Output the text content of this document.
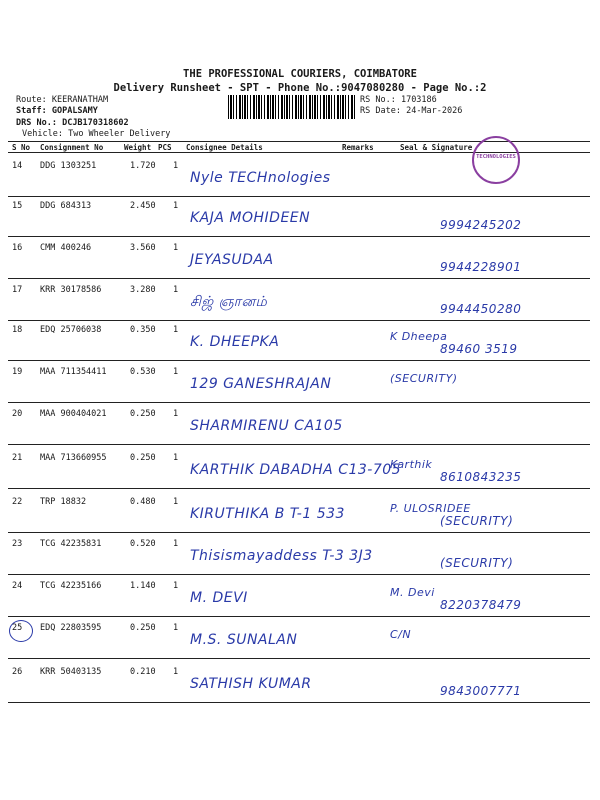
THE PROFESSIONAL COURIERS, COIMBATORE
Delivery Runsheet - SPT - Phone No.:9047080280 - Page No.:2
Route: KEERANATHAM
Staff: GOPALSAMY
DRS No.: DCJB170318602
Vehicle: Two Wheeler Delivery
RS No.: 1703186
RS Date: 24-Mar-2026
S No Consignment No	Weight PCS Consignee Details	Remarks	Seal & Signature
TECHNOLOGIES
14 DDG 1303251	1.720 1
Nyle TECHnologies
15 DDG 684313	2.450 1
KAJA MOHIDEEN	9994245202
16 CMM 400246	3.560 1
JEYASUDAA	9944228901
17 KRR 30178586	3.280 1
சிஜ் ஞானம்	9944450280
18 EDQ 25706038	0.350 1
K. DHEEPKA	K Dheepa
89460 3519
19 MAA 711354411	0.530 1
129 GANESHRAJAN	(SECURITY)
20 MAA 900404021	0.250 1
SHARMIRENU CA105
21 MAA 713660955	0.250 1
KARTHIK DABADHA C13-705
Karthik
8610843235
22 TRP 18832	0.480 1
KIRUTHIKA B T-1 533	P. ULOSRIDEE
(SECURITY)
23 TCG 42235831	0.520 1
Thisismayaddess T-3 3J3	(SECURITY)
24 TCG 42235166	1.140 1
M. DEVI	M. Devi
8220378479
25 EDQ 22803595	0.250 1
M.S. SUNALAN	C/N
26 KRR 50403135	0.210 1
SATHISH KUMAR	9843007771
